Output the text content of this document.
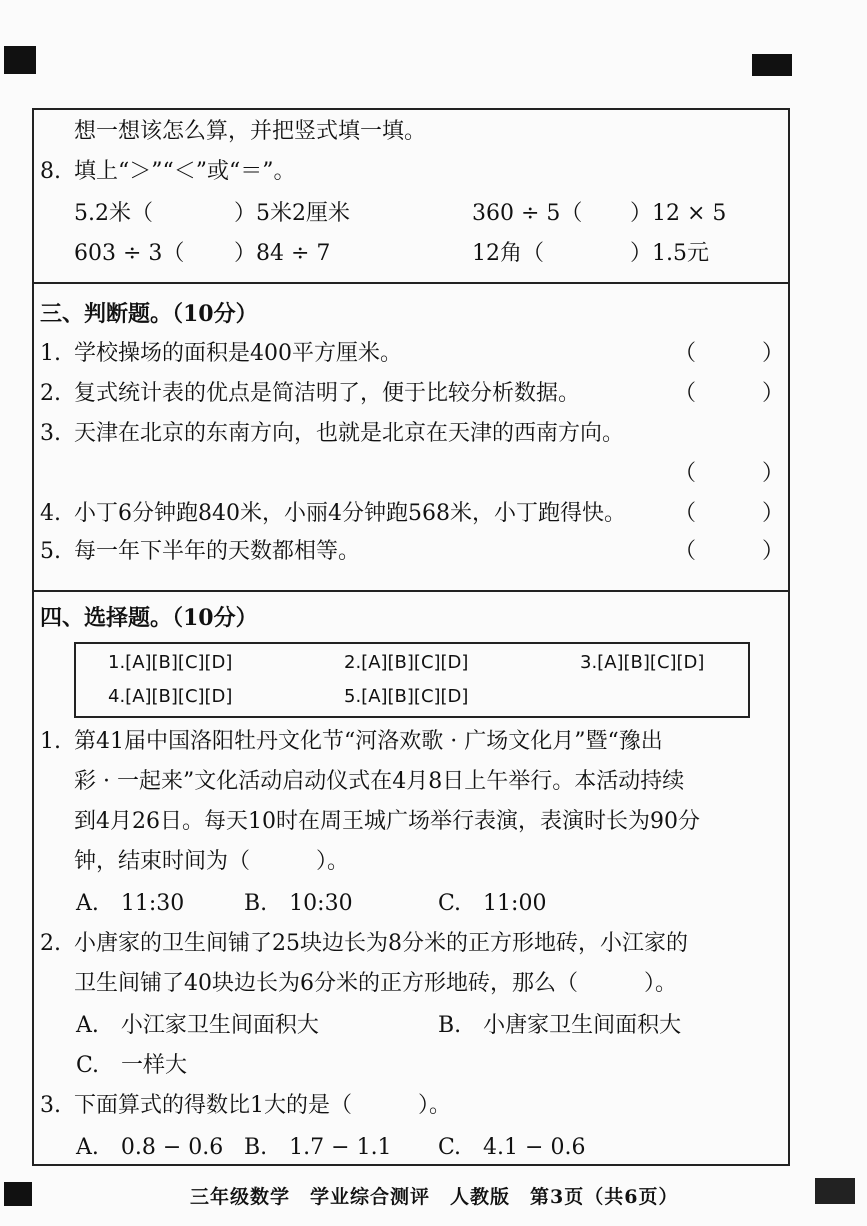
想一想该怎么算，并把竖式填一填。
8. 填上“＞”“＜”或“＝”。
5.2米（	）5米2厘米	360 ÷ 5（ ）12 × 5
603 ÷ 3（ ）84 ÷ 7	12角（	）1.5元
三、判断题。（10分）
1. 学校操场的面积是400平方厘米。	（　　　）
2. 复式统计表的优点是简洁明了，便于比较分析数据。	（　　　）
3. 天津在北京的东南方向，也就是北京在天津的西南方向。
（　　　）
4. 小丁6分钟跑840米，小丽4分钟跑568米，小丁跑得快。 （　　　）
5. 每一年下半年的天数都相等。	（　　　）
四、选择题。（10分）
1.[A][B][C][D]	2.[A][B][C][D]	3.[A][B][C][D]
4.[A][B][C][D]	5.[A][B][C][D]
1. 第41届中国洛阳牡丹文化节“河洛欢歌 · 广场文化月”暨“豫出
彩 · 一起来”文化活动启动仪式在4月8日上午举行。本活动持续
到4月26日。每天10时在周王城广场举行表演，表演时长为90分
钟，结束时间为（　　　）。
A.　11:30	B.　10:30	C.　11:00
2. 小唐家的卫生间铺了25块边长为8分米的正方形地砖，小江家的
卫生间铺了40块边长为6分米的正方形地砖，那么（　　　）。
A.　小江家卫生间面积大	B.　小唐家卫生间面积大
C.　一样大
3. 下面算式的得数比1大的是（　　　）。
A.　0.8 − 0.6 B.　1.7 − 1.1 C.　4.1 − 0.6
三年级数学　学业综合测评　人教版　第3页（共6页）
